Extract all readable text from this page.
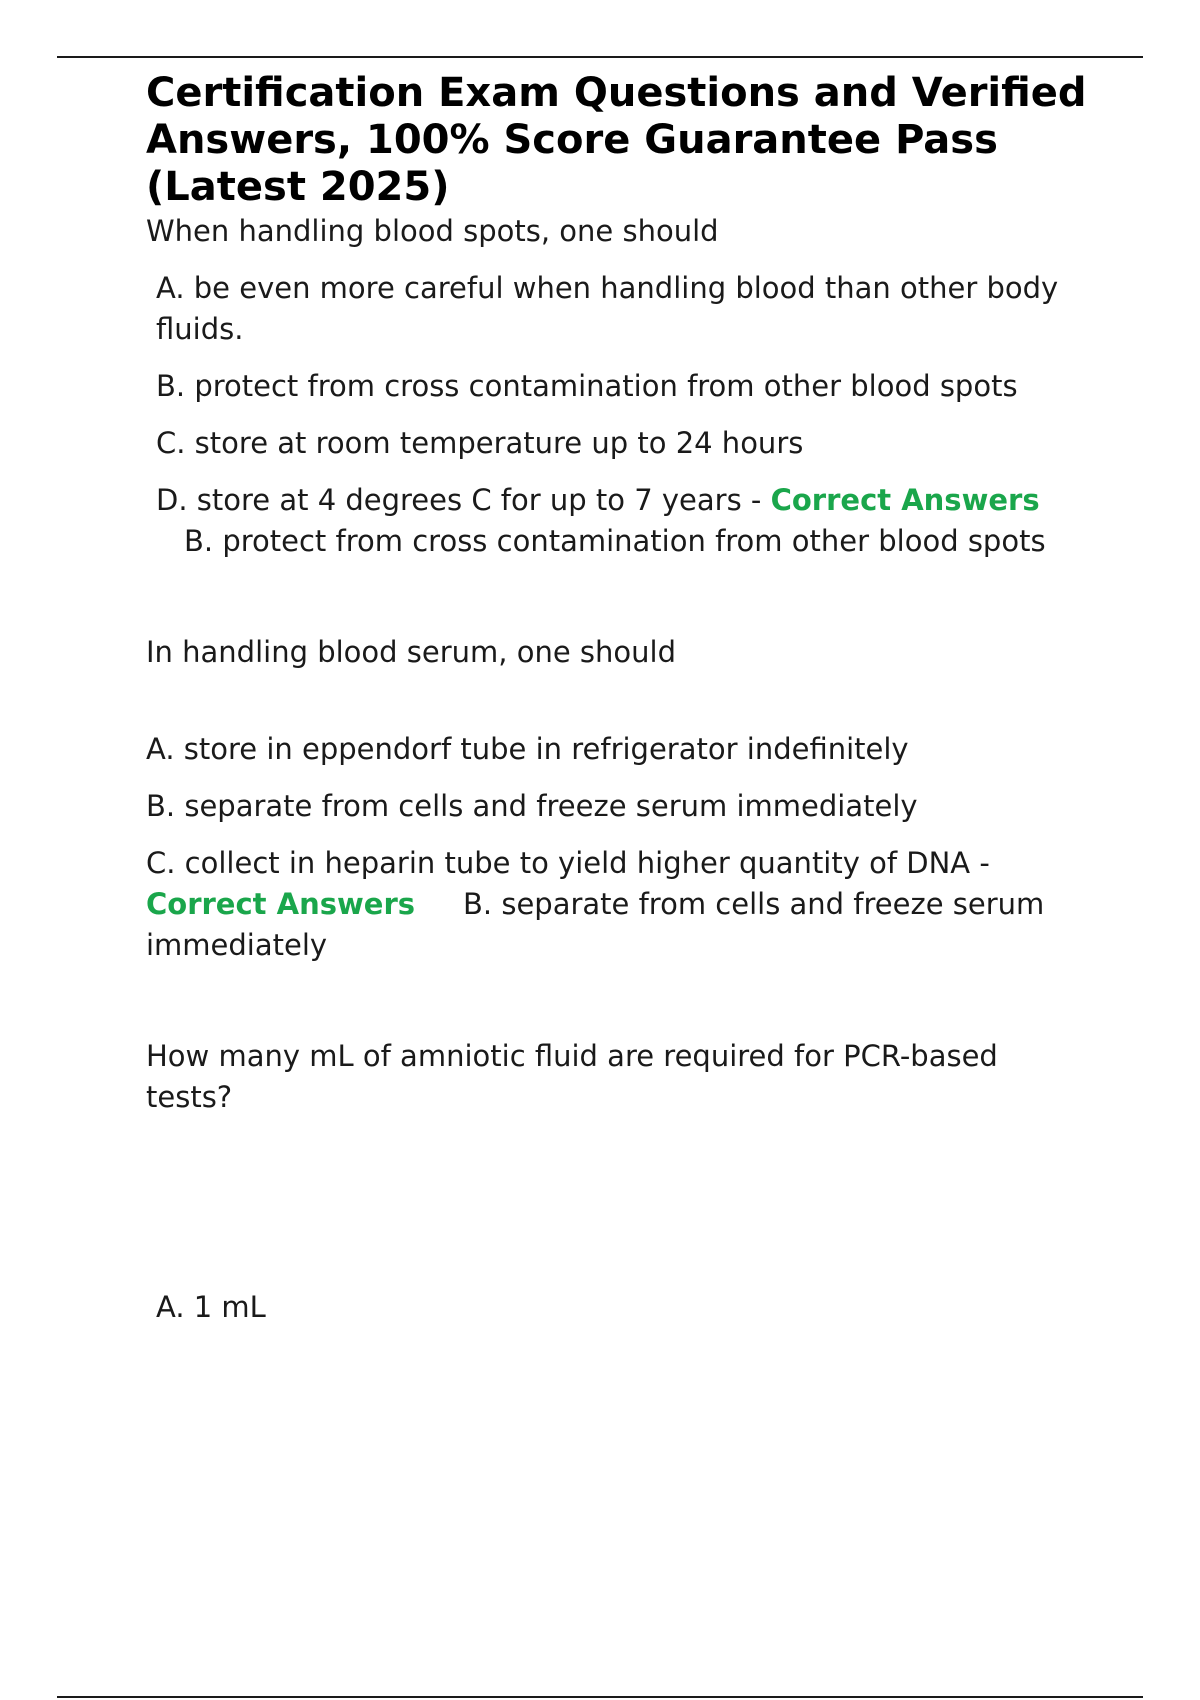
Certification Exam Questions and Verified Answers, 100% Score Guarantee Pass (Latest 2025)

When handling blood spots, one should

A. be even more careful when handling blood than other body fluids.

B. protect from cross contamination from other blood spots

C. store at room temperature up to 24 hours

D. store at 4 degrees C for up to 7 years - Correct Answers

B. protect from cross contamination from other blood spots

In handling blood serum, one should

A. store in eppendorf tube in refrigerator indefinitely

B. separate from cells and freeze serum immediately

C. collect in heparin tube to yield higher quantity of DNA - Correct Answers B. separate from cells and freeze serum immediately

How many mL of amniotic fluid are required for PCR-based tests?

A. 1 mL
